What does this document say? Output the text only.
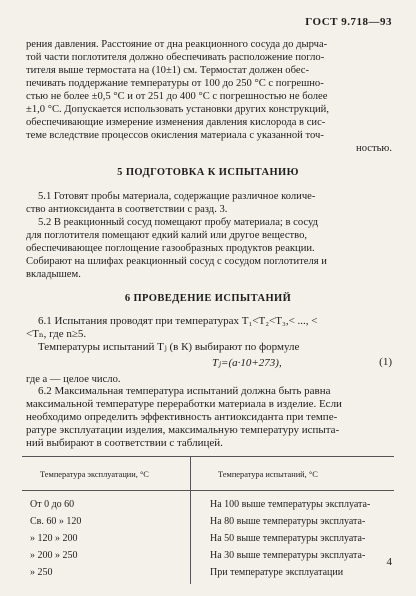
ГОСТ 9.718—93
рения давления. Расстояние от дна реакционного сосуда до дырча-
той части поглотителя должно обеспечивать расположение поглo-
тителя выше термостата на (10±1) см. Термостат должен обес-
печивать поддержание температуры от 100 до 250 °С с погрешно-
стью не более ±0,5 °С и от 251 до 400 °С с погрешностью не более
±1,0 °С. Допускается использовать установки других конструкций,
обеспечивающие измерение изменения давления кислорода в сис-
теме вследствие процессов окисления материала с указанной точ-
ностью.
5 ПОДГОТОВКА К ИСПЫТАНИЮ
5.1 Готовят пробы материала, содержащие различное количе-
ство антиоксиданта в соответствии с разд. 3.
5.2 В реакционный сосуд помещают пробу материала; в сосуд
для поглотителя помещают едкий калий или другое вещество,
обеспечивающее поглощение газообразных продуктов реакции.
Собирают на шлифах реакционный сосуд с сосудом поглотителя и
вкладышем.
6 ПРОВЕДЕНИЕ ИСПЫТАНИЙ
6.1 Испытания проводят при температурах T₁<T₂<T₃,< ..., <
<Tₙ, где n≥5.
Температуры испытаний Tⱼ (в К) выбирают по формуле
Tⱼ=(a·10+273),	(1)
где a — целое число.
6.2 Максимальная температура испытаний должна быть равна
максимальной температуре переработки материала в изделие. Если
необходимо определить эффективность антиоксиданта при темпе-
ратуре эксплуатации изделия, максимальную температуру испыта-
ний выбирают в соответствии с таблицей.
Температура эксплуатации, °С	Температура испытаний, °С
От 0 до 60	На 100 выше температуры эксплуата-
Св. 60 » 120	На 80 выше температуры эксплуата-
» 120 » 200	На 50 выше температуры эксплуата-
» 200 » 250	На 30 выше температуры эксплуата-
» 250	При температуре эксплуатации
4
